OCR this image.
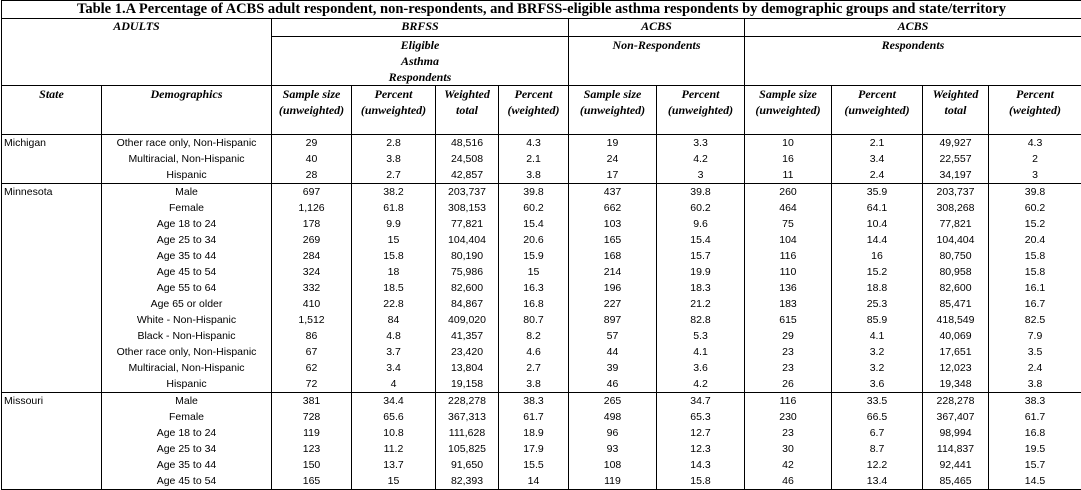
Table 1.A Percentage of ACBS adult respondent, non-respondents, and BRFSS-eligible asthma respondents by demographic groups and state/territory											
ADULTS		BRFSS				ACBS		ACBS			
		Eligible Asthma Respondents				Non-Respondents		Respondents			
State	Demographics	Sample size (unweighted)	Percent (unweighted)	Weighted total	Percent (weighted)	Sample size (unweighted)	Percent (unweighted)	Sample size (unweighted)	Percent (unweighted)	Weighted total	Percent (weighted)
Michigan	Other race only, Non-Hispanic	29	2.8	48,516	4.3	19	3.3	10	2.1	49,927	4.3
	Multiracial, Non-Hispanic	40	3.8	24,508	2.1	24	4.2	16	3.4	22,557	2
	Hispanic	28	2.7	42,857	3.8	17	3	11	2.4	34,197	3
Minnesota	Male	697	38.2	203,737	39.8	437	39.8	260	35.9	203,737	39.8
	Female	1,126	61.8	308,153	60.2	662	60.2	464	64.1	308,268	60.2
	Age 18 to 24	178	9.9	77,821	15.4	103	9.6	75	10.4	77,821	15.2
	Age 25 to 34	269	15	104,404	20.6	165	15.4	104	14.4	104,404	20.4
	Age 35 to 44	284	15.8	80,190	15.9	168	15.7	116	16	80,750	15.8
	Age 45 to 54	324	18	75,986	15	214	19.9	110	15.2	80,958	15.8
	Age 55 to 64	332	18.5	82,600	16.3	196	18.3	136	18.8	82,600	16.1
	Age 65 or older	410	22.8	84,867	16.8	227	21.2	183	25.3	85,471	16.7
	White - Non-Hispanic	1,512	84	409,020	80.7	897	82.8	615	85.9	418,549	82.5
	Black - Non-Hispanic	86	4.8	41,357	8.2	57	5.3	29	4.1	40,069	7.9
	Other race only, Non-Hispanic	67	3.7	23,420	4.6	44	4.1	23	3.2	17,651	3.5
	Multiracial, Non-Hispanic	62	3.4	13,804	2.7	39	3.6	23	3.2	12,023	2.4
	Hispanic	72	4	19,158	3.8	46	4.2	26	3.6	19,348	3.8
Missouri	Male	381	34.4	228,278	38.3	265	34.7	116	33.5	228,278	38.3
	Female	728	65.6	367,313	61.7	498	65.3	230	66.5	367,407	61.7
	Age 18 to 24	119	10.8	111,628	18.9	96	12.7	23	6.7	98,994	16.8
	Age 25 to 34	123	11.2	105,825	17.9	93	12.3	30	8.7	114,837	19.5
	Age 35 to 44	150	13.7	91,650	15.5	108	14.3	42	12.2	92,441	15.7
	Age 45 to 54	165	15	82,393	14	119	15.8	46	13.4	85,465	14.5
